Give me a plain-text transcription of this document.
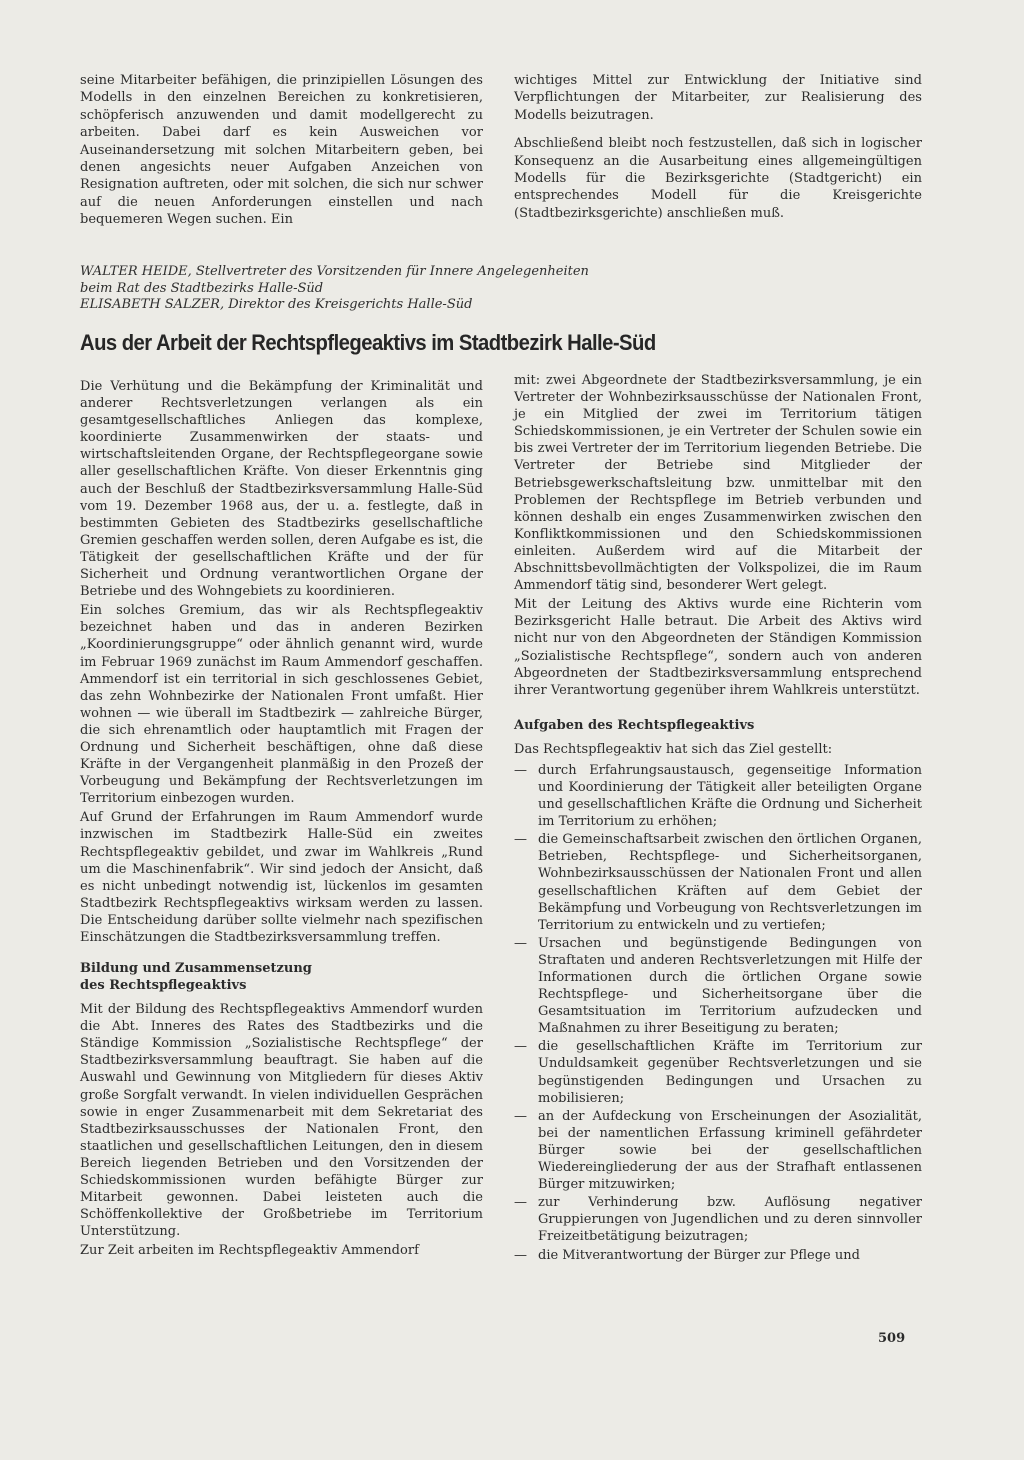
seine Mitarbeiter befähigen, die prinzipiellen Lösungen des Modells in den einzelnen Bereichen zu konkretisieren, schöpferisch anzuwenden und damit modellgerecht zu arbeiten. Dabei darf es kein Ausweichen vor Auseinandersetzung mit solchen Mitarbeitern geben, bei denen angesichts neuer Aufgaben Anzeichen von Resignation auftreten, oder mit solchen, die sich nur schwer auf die neuen Anforderungen einstellen und nach bequemeren Wegen suchen. Ein

wichtiges Mittel zur Entwicklung der Initiative sind Verpflichtungen der Mitarbeiter, zur Realisierung des Modells beizutragen.

Abschließend bleibt noch festzustellen, daß sich in logischer Konsequenz an die Ausarbeitung eines allgemeingültigen Modells für die Bezirksgerichte (Stadtgericht) ein entsprechendes Modell für die Kreisgerichte (Stadtbezirksgerichte) anschließen muß.

WALTER HEIDE, Stellvertreter des Vorsitzenden für Innere Angelegenheiten
beim Rat des Stadtbezirks Halle-Süd
ELISABETH SALZER, Direktor des Kreisgerichts Halle-Süd
Aus der Arbeit der Rechtspflegeaktivs im Stadtbezirk Halle-Süd

Die Verhütung und die Bekämpfung der Kriminalität und anderer Rechtsverletzungen verlangen als ein gesamtgesellschaftliches Anliegen das komplexe, koordinierte Zusammenwirken der staats- und wirtschaftsleitenden Organe, der Rechtspflegeorgane sowie aller gesellschaftlichen Kräfte. Von dieser Erkenntnis ging auch der Beschluß der Stadtbezirksversammlung Halle-Süd vom 19. Dezember 1968 aus, der u. a. festlegte, daß in bestimmten Gebieten des Stadtbezirks gesellschaftliche Gremien geschaffen werden sollen, deren Aufgabe es ist, die Tätigkeit der gesellschaftlichen Kräfte und der für Sicherheit und Ordnung verantwortlichen Organe der Betriebe und des Wohngebiets zu koordinieren.

Ein solches Gremium, das wir als Rechtspflegeaktiv bezeichnet haben und das in anderen Bezirken „Koordinierungsgruppe“ oder ähnlich genannt wird, wurde im Februar 1969 zunächst im Raum Ammendorf geschaffen. Ammendorf ist ein territorial in sich geschlossenes Gebiet, das zehn Wohnbezirke der Nationalen Front umfaßt. Hier wohnen — wie überall im Stadtbezirk — zahlreiche Bürger, die sich ehrenamtlich oder hauptamtlich mit Fragen der Ordnung und Sicherheit beschäftigen, ohne daß diese Kräfte in der Vergangenheit planmäßig in den Prozeß der Vorbeugung und Bekämpfung der Rechtsverletzungen im Territorium einbezogen wurden.

Auf Grund der Erfahrungen im Raum Ammendorf wurde inzwischen im Stadtbezirk Halle-Süd ein zweites Rechtspflegeaktiv gebildet, und zwar im Wahlkreis „Rund um die Maschinenfabrik“. Wir sind jedoch der Ansicht, daß es nicht unbedingt notwendig ist, lückenlos im gesamten Stadtbezirk Rechtspflegeaktivs wirksam werden zu lassen. Die Entscheidung darüber sollte vielmehr nach spezifischen Einschätzungen die Stadtbezirksversammlung treffen.

Bildung und Zusammensetzung
des Rechtspflegeaktivs

Mit der Bildung des Rechtspflegeaktivs Ammendorf wurden die Abt. Inneres des Rates des Stadtbezirks und die Ständige Kommission „Sozialistische Rechtspflege“ der Stadtbezirksversammlung beauftragt. Sie haben auf die Auswahl und Gewinnung von Mitgliedern für dieses Aktiv große Sorgfalt verwandt. In vielen individuellen Gesprächen sowie in enger Zusammenarbeit mit dem Sekretariat des Stadtbezirksausschusses der Nationalen Front, den staatlichen und gesellschaftlichen Leitungen, den in diesem Bereich liegenden Betrieben und den Vorsitzenden der Schiedskommissionen wurden befähigte Bürger zur Mitarbeit gewonnen. Dabei leisteten auch die Schöffenkollektive der Großbetriebe im Territorium Unterstützung.

Zur Zeit arbeiten im Rechtspflegeaktiv Ammendorf

mit: zwei Abgeordnete der Stadtbezirksversammlung, je ein Vertreter der Wohnbezirksausschüsse der Nationalen Front, je ein Mitglied der zwei im Territorium tätigen Schiedskommissionen, je ein Vertreter der Schulen sowie ein bis zwei Vertreter der im Territorium liegenden Betriebe. Die Vertreter der Betriebe sind Mitglieder der Betriebsgewerkschaftsleitung bzw. unmittelbar mit den Problemen der Rechtspflege im Betrieb verbunden und können deshalb ein enges Zusammenwirken zwischen den Konfliktkommissionen und den Schiedskommissionen einleiten. Außerdem wird auf die Mitarbeit der Abschnittsbevollmächtigten der Volkspolizei, die im Raum Ammendorf tätig sind, besonderer Wert gelegt.

Mit der Leitung des Aktivs wurde eine Richterin vom Bezirksgericht Halle betraut. Die Arbeit des Aktivs wird nicht nur von den Abgeordneten der Ständigen Kommission „Sozialistische Rechtspflege“, sondern auch von anderen Abgeordneten der Stadtbezirksversammlung entsprechend ihrer Verantwortung gegenüber ihrem Wahlkreis unterstützt.

Aufgaben des Rechtspflegeaktivs

Das Rechtspflegeaktiv hat sich das Ziel gestellt:

— durch Erfahrungsaustausch, gegenseitige Information und Koordinierung der Tätigkeit aller beteiligten Organe und gesellschaftlichen Kräfte die Ordnung und Sicherheit im Territorium zu erhöhen;
— die Gemeinschaftsarbeit zwischen den örtlichen Organen, Betrieben, Rechtspflege- und Sicherheitsorganen, Wohnbezirksausschüssen der Nationalen Front und allen gesellschaftlichen Kräften auf dem Gebiet der Bekämpfung und Vorbeugung von Rechtsverletzungen im Territorium zu entwickeln und zu vertiefen;
— Ursachen und begünstigende Bedingungen von Straftaten und anderen Rechtsverletzungen mit Hilfe der Informationen durch die örtlichen Organe sowie Rechtspflege- und Sicherheitsorgane über die Gesamtsituation im Territorium aufzudecken und Maßnahmen zu ihrer Beseitigung zu beraten;
— die gesellschaftlichen Kräfte im Territorium zur Unduldsamkeit gegenüber Rechtsverletzungen und sie begünstigenden Bedingungen und Ursachen zu mobilisieren;
— an der Aufdeckung von Erscheinungen der Asozialität, bei der namentlichen Erfassung kriminell gefährdeter Bürger sowie bei der gesellschaftlichen Wiedereingliederung der aus der Strafhaft entlassenen Bürger mitzuwirken;
— zur Verhinderung bzw. Auflösung negativer Gruppierungen von Jugendlichen und zu deren sinnvoller Freizeitbetätigung beizutragen;
— die Mitverantwortung der Bürger zur Pflege und
509
